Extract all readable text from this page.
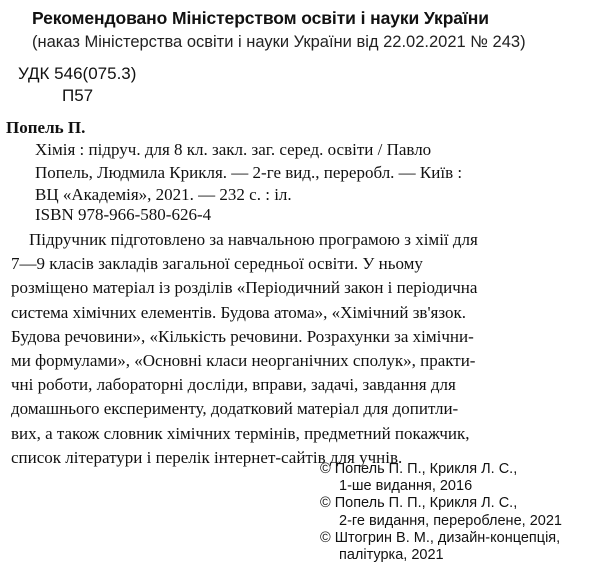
Рекомендовано Міністерством освіти і науки України
(наказ Міністерства освіти і науки України від 22.02.2021 № 243)
УДК 546(075.3)
П57
Попель П.
Хімія : підруч. для 8 кл. закл. заг. серед. освіти / Павло
Попель, Людмила Крикля. — 2-ге вид., переробл. — Київ :
ВЦ «Академія», 2021. — 232 с. : іл.
ISBN 978-966-580-626-4
Підручник підготовлено за навчальною програмою з хімії для
7—9 класів закладів загальної середньої освіти. У ньому
розміщено матеріал із розділів «Періодичний закон і періодична
система хімічних елементів. Будова атома», «Хімічний зв'язок.
Будова речовини», «Кількість речовини. Розрахунки за хімічни-
ми формулами», «Основні класи неорганічних сполук», практи-
чні роботи, лабораторні досліди, вправи, задачі, завдання для
домашнього експерименту, додатковий матеріал для допитли-
вих, а також словник хімічних термінів, предметний покажчик,
список літератури і перелік інтернет-сайтів для учнів.
© Попель П. П., Крикля Л. С.,
1-ше видання, 2016
© Попель П. П., Крикля Л. С.,
2-ге видання, перероблене, 2021
© Штогрин В. М., дизайн-концепція,
палітурка, 2021
